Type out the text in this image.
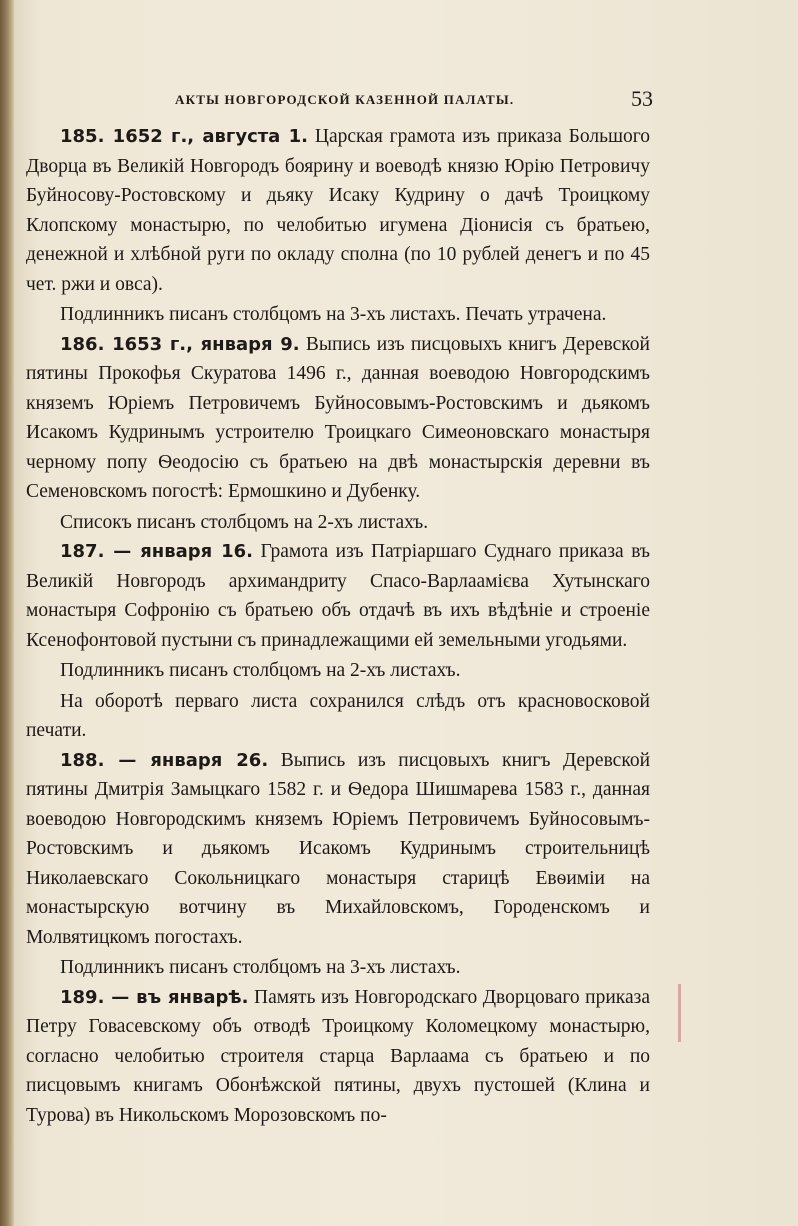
АКТЫ НОВГОРОДСКОЙ КАЗЕННОЙ ПАЛАТЫ.	53

185. 1652 г., августа 1. Царская грамота изъ приказа Большого Дворца въ Великій Новгородъ боярину и воеводѣ князю Юрію Петровичу Буйносову-Ростовскому и дьяку Исаку Кудрину о дачѣ Троицкому Клопскому монастырю, по челобитью игумена Діонисія съ братьею, денежной и хлѣбной руги по окладу сполна (по 10 рублей денегъ и по 45 чет. ржи и овса).

Подлинникъ писанъ столбцомъ на 3-хъ листахъ. Печать утрачена.

186. 1653 г., января 9. Выпись изъ писцовыхъ книгъ Деревской пятины Прокофья Скуратова 1496 г., данная воеводою Новгородскимъ княземъ Юріемъ Петровичемъ Буйносовымъ-Ростовскимъ и дьякомъ Исакомъ Кудринымъ устроителю Троицкаго Симеоновскаго монастыря черному попу Ѳеодосію съ братьею на двѣ монастырскія деревни въ Семеновскомъ погостѣ: Ермошкино и Дубенку.

Списокъ писанъ столбцомъ на 2-хъ листахъ.

187. — января 16. Грамота изъ Патріаршаго Суднаго приказа въ Великій Новгородъ архимандриту Спасо-Варлаамієва Хутынскаго монастыря Софронію съ братьею объ отдачѣ въ ихъ вѣдѣніе и строеніе Ксенофонтовой пустыни съ принадлежащими ей земельными угодьями.

Подлинникъ писанъ столбцомъ на 2-хъ листахъ.

На оборотѣ перваго листа сохранился слѣдъ отъ красновосковой печати.

188. — января 26. Выпись изъ писцовыхъ книгъ Деревской пятины Дмитрія Замыцкаго 1582 г. и Ѳедора Шишмарева 1583 г., данная воеводою Новгородскимъ княземъ Юріемъ Петровичемъ Буйносовымъ-Ростовскимъ и дьякомъ Исакомъ Кудринымъ строительницѣ Николаевскаго Сокольницкаго монастыря старицѣ Евѳиміи на монастырскую вотчину въ Михайловскомъ, Городенскомъ и Молвятицкомъ погостахъ.

Подлинникъ писанъ столбцомъ на 3-хъ листахъ.

189. — въ январѣ. Память изъ Новгородскаго Дворцоваго приказа Петру Говасевскому объ отводѣ Троицкому Коломецкому монастырю, согласно челобитью строителя старца Варлаама съ братьею и по писцовымъ книгамъ Обонѣжской пятины, двухъ пустошей (Клина и Турова) въ Никольскомъ Морозовскомъ по-
